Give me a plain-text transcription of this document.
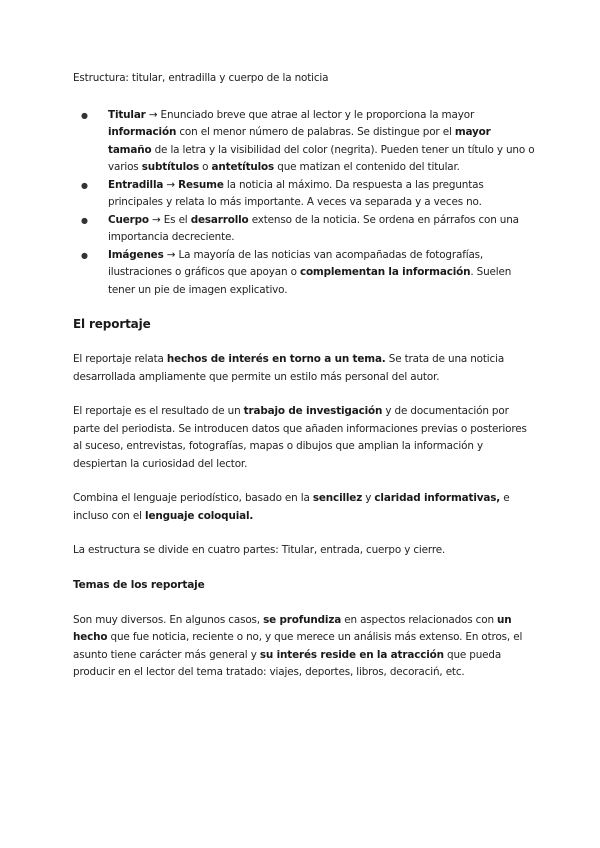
Estructura: titular, entradilla y cuerpo de la noticia

● Titular → Enunciado breve que atrae al lector y le proporciona la mayor información con el menor número de palabras. Se distingue por el mayor tamaño de la letra y la visibilidad del color (negrita). Pueden tener un título y uno o varios subtítulos o antetítulos que matizan el contenido del titular.
● Entradilla → Resume la noticia al máximo. Da respuesta a las preguntas principales y relata lo más importante. A veces va separada y a veces no.
● Cuerpo → Es el desarrollo extenso de la noticia. Se ordena en párrafos con una importancia decreciente.
● Imágenes → La mayoría de las noticias van acompañadas de fotografías, ilustraciones o gráficos que apoyan o complementan la información. Suelen tener un pie de imagen explicativo.
El reportaje

El reportaje relata hechos de interés en torno a un tema. Se trata de una noticia desarrollada ampliamente que permite un estilo más personal del autor.

El reportaje es el resultado de un trabajo de investigación y de documentación por parte del periodista. Se introducen datos que añaden informaciones previas o posteriores al suceso, entrevistas, fotografías, mapas o dibujos que amplian la información y despiertan la curiosidad del lector.

Combina el lenguaje periodístico, basado en la sencillez y claridad informativas, e incluso con el lenguaje coloquial.

La estructura se divide en cuatro partes: Titular, entrada, cuerpo y cierre.

Temas de los reportaje

Son muy diversos. En algunos casos, se profundiza en aspectos relacionados con un hecho que fue noticia, reciente o no, y que merece un análisis más extenso. En otros, el asunto tiene carácter más general y su interés reside en la atracción que pueda producir en el lector del tema tratado: viajes, deportes, libros, decoraciń, etc.
